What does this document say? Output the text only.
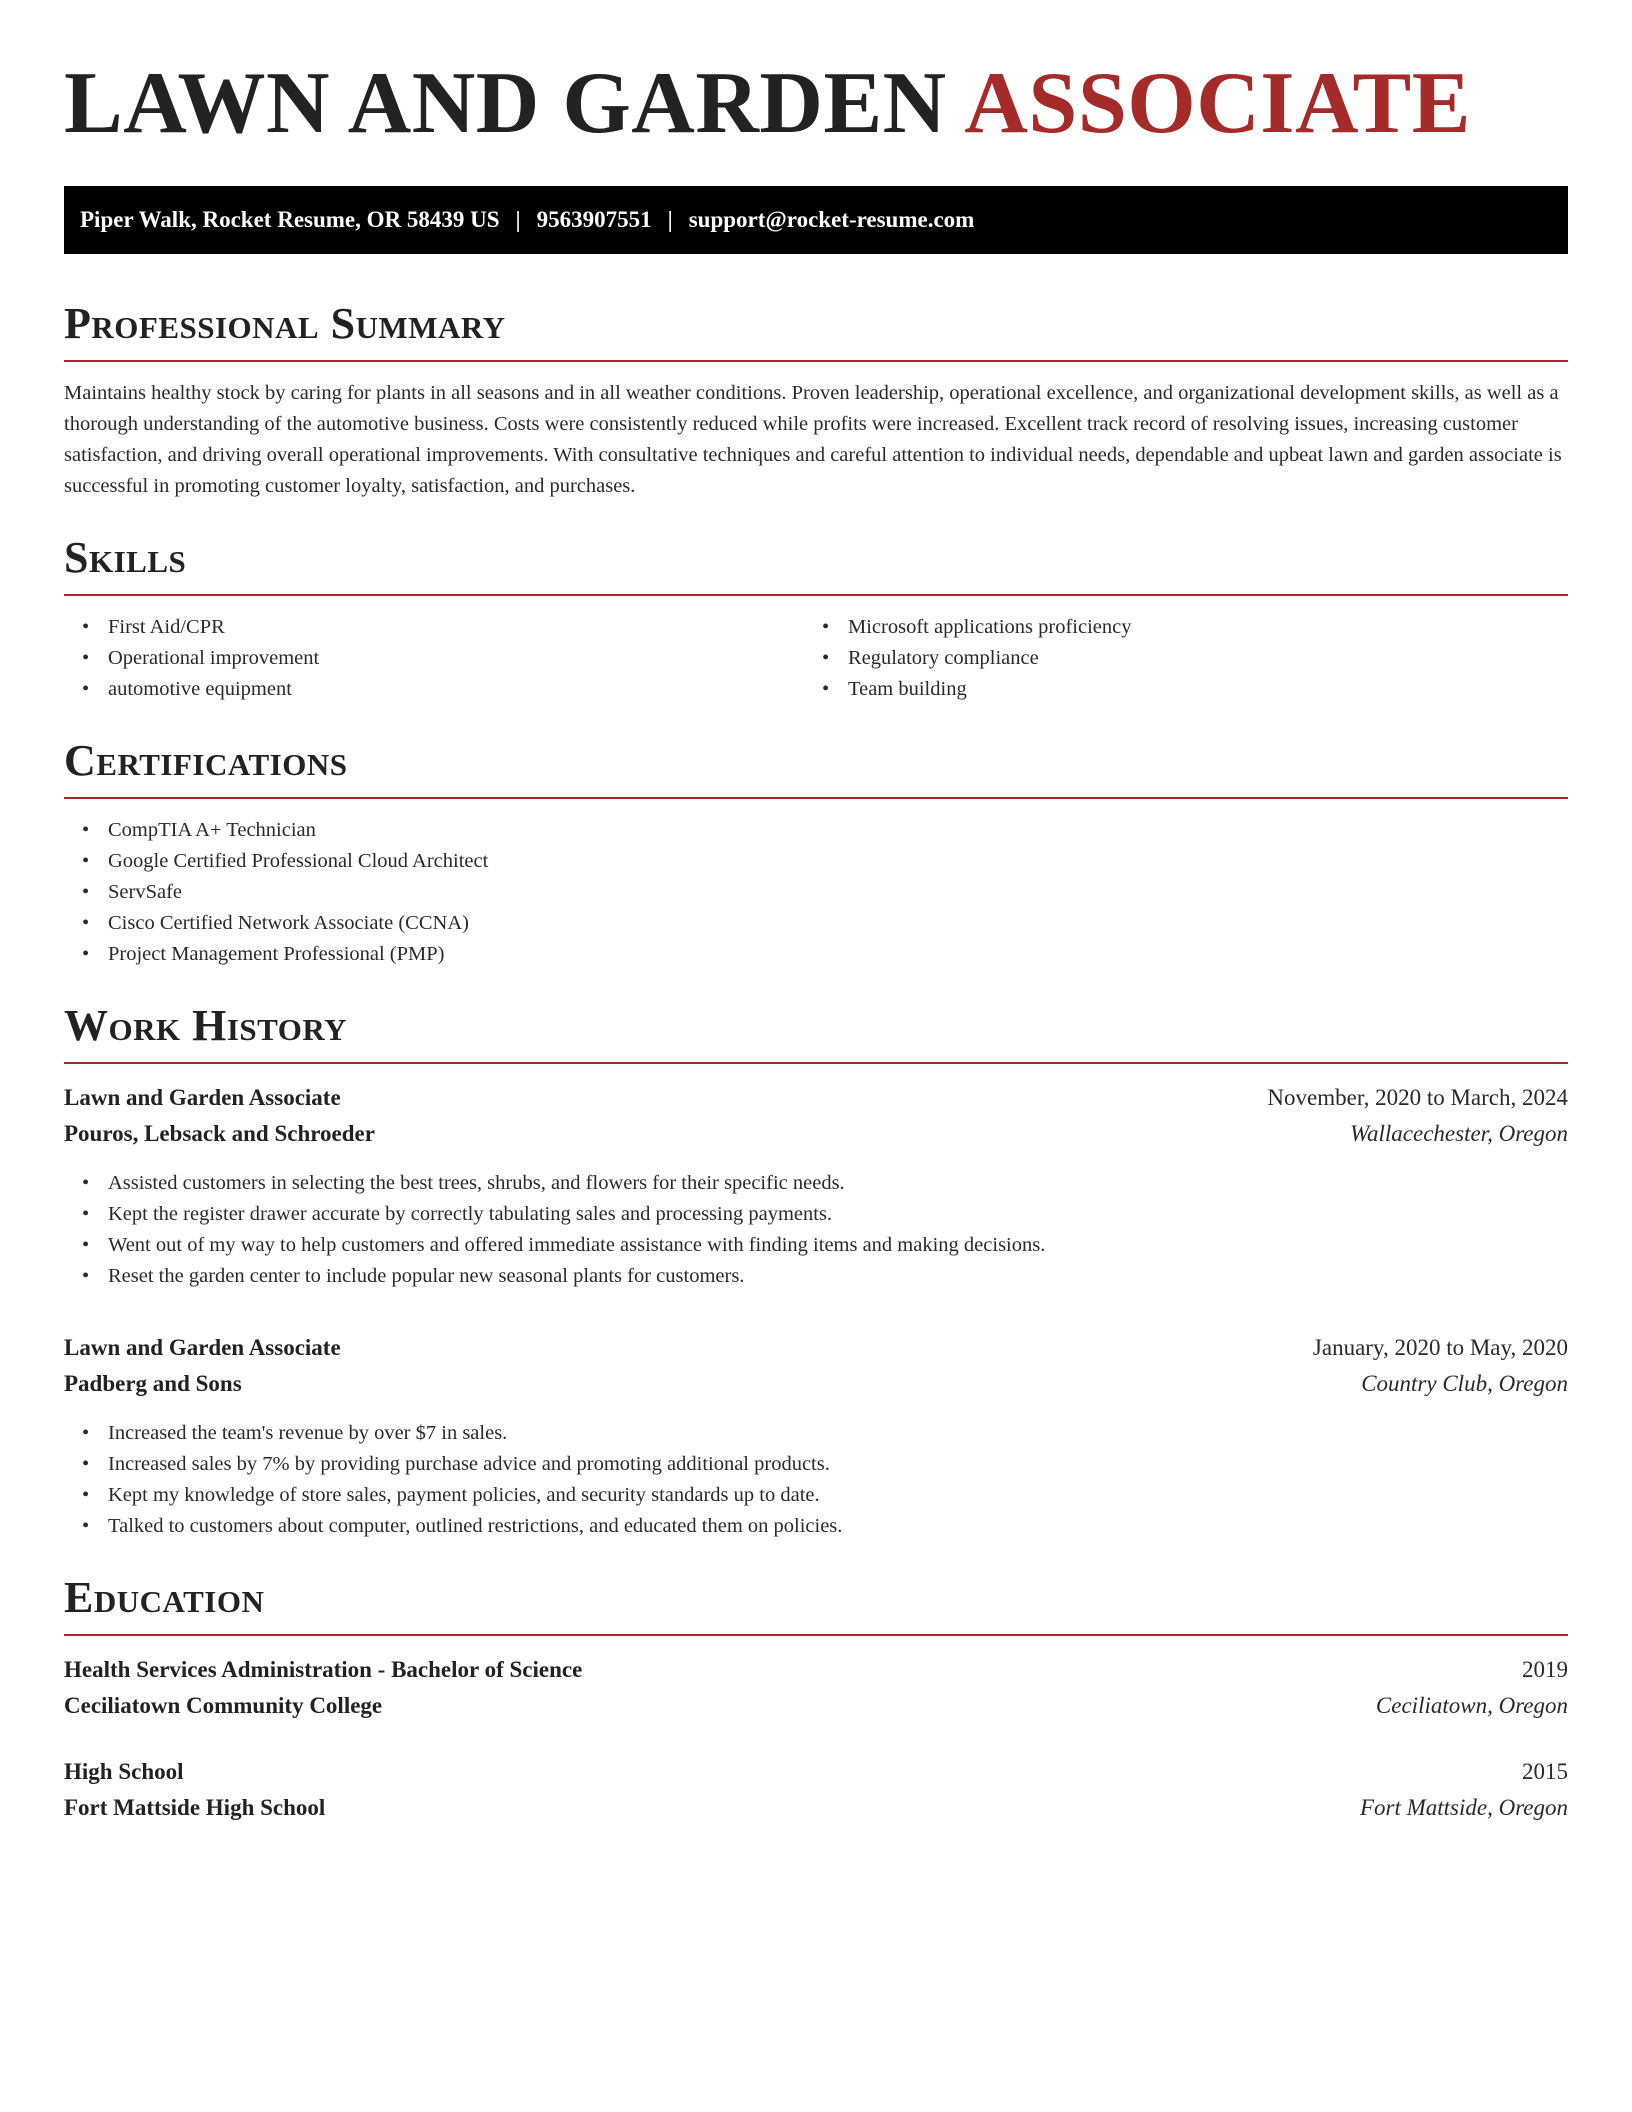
LAWN AND GARDEN ASSOCIATE
Piper Walk, Rocket Resume, OR 58439 US | 9563907551 | support@rocket-resume.com
Professional Summary

Maintains healthy stock by caring for plants in all seasons and in all weather conditions. Proven leadership, operational excellence, and organizational development skills, as well as a thorough understanding of the automotive business. Costs were consistently reduced while profits were increased. Excellent track record of resolving issues, increasing customer satisfaction, and driving overall operational improvements. With consultative techniques and careful attention to individual needs, dependable and upbeat lawn and garden associate is successful in promoting customer loyalty, satisfaction, and purchases.

Skills
• First Aid/CPR
• Operational improvement
• automotive equipment
• Microsoft applications proficiency
• Regulatory compliance
• Team building
Certifications
• CompTIA A+ Technician
• Google Certified Professional Cloud Architect
• ServSafe
• Cisco Certified Network Associate (CCNA)
• Project Management Professional (PMP)
Work History
Lawn and Garden Associate	November, 2020 to March, 2024
Pouros, Lebsack and Schroeder	Wallacechester, Oregon
• Assisted customers in selecting the best trees, shrubs, and flowers for their specific needs.
• Kept the register drawer accurate by correctly tabulating sales and processing payments.
• Went out of my way to help customers and offered immediate assistance with finding items and making decisions.
• Reset the garden center to include popular new seasonal plants for customers.
Lawn and Garden Associate	January, 2020 to May, 2020
Padberg and Sons	Country Club, Oregon
• Increased the team's revenue by over $7 in sales.
• Increased sales by 7% by providing purchase advice and promoting additional products.
• Kept my knowledge of store sales, payment policies, and security standards up to date.
• Talked to customers about computer, outlined restrictions, and educated them on policies.
Education
Health Services Administration - Bachelor of Science	2019
Ceciliatown Community College	Ceciliatown, Oregon
High School	2015
Fort Mattside High School	Fort Mattside, Oregon
